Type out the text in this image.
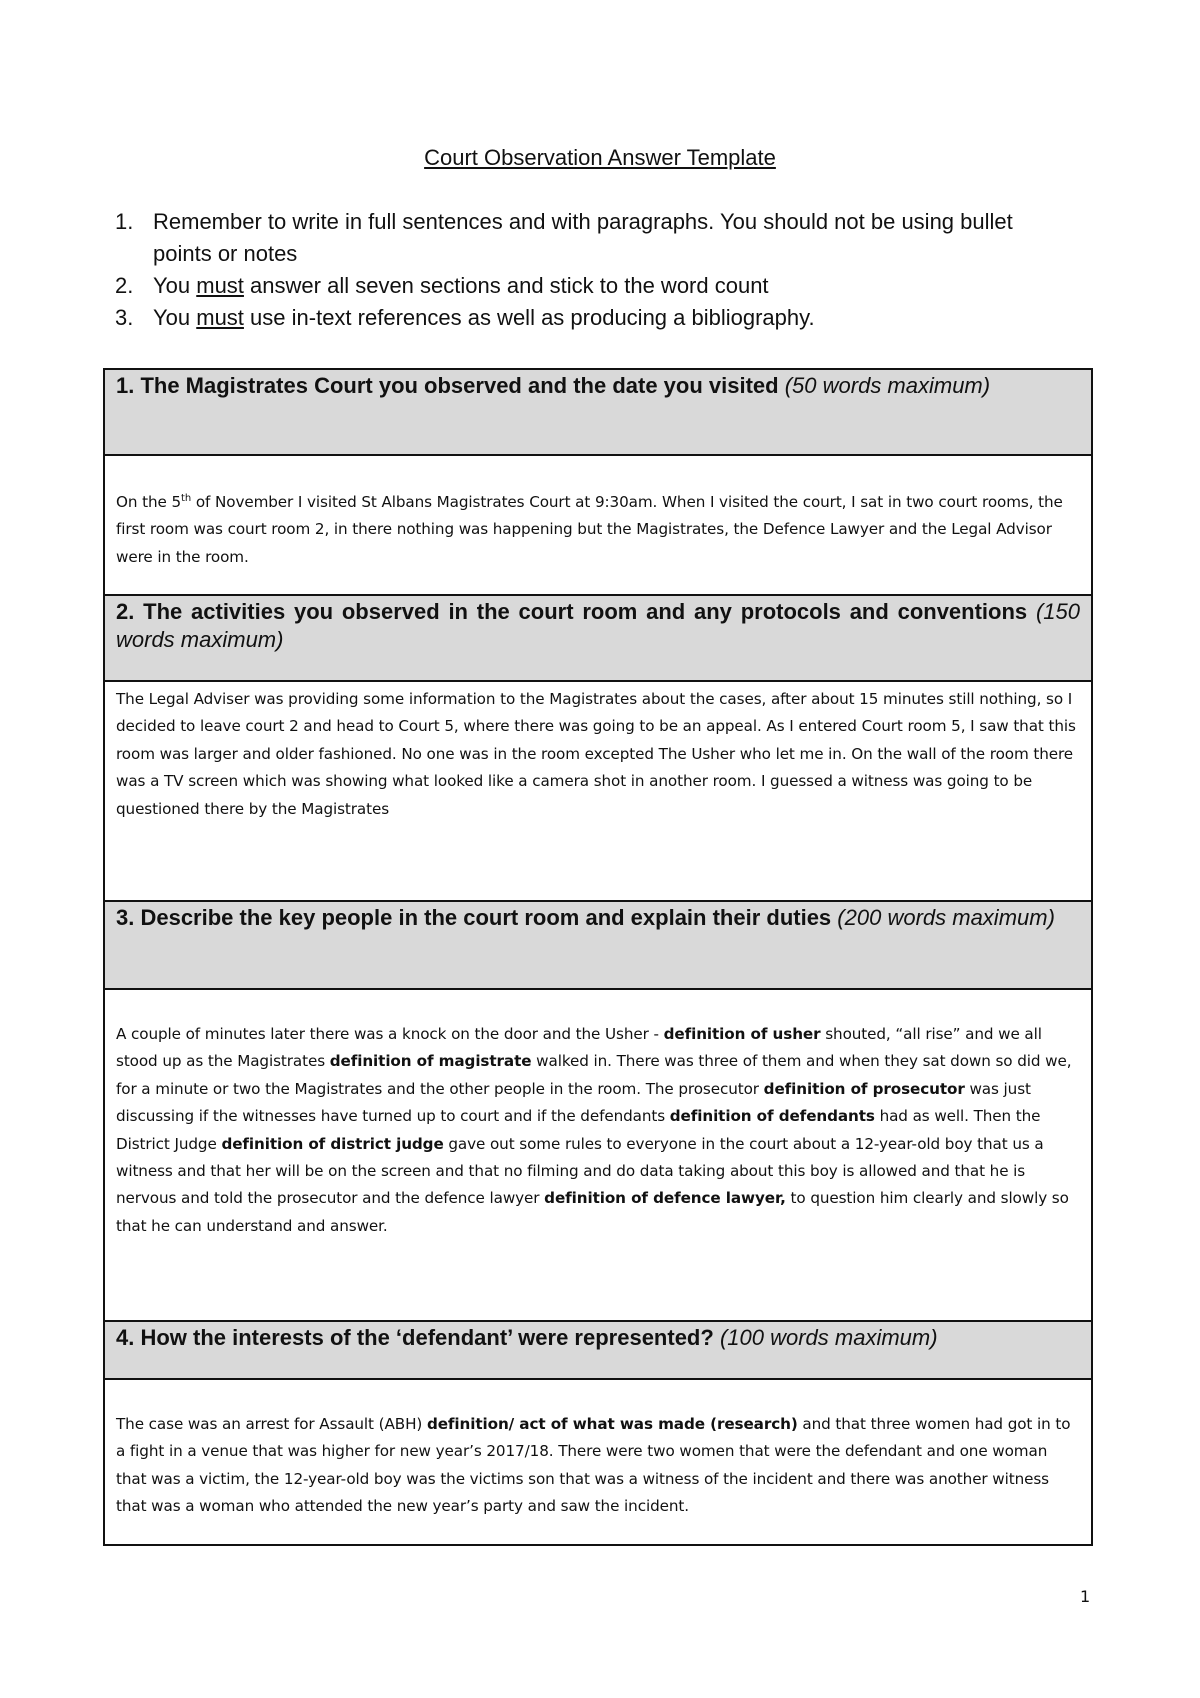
Court Observation Answer Template
1. Remember to write in full sentences and with paragraphs. You should not be using bullet points or notes
2. You must answer all seven sections and stick to the word count
3. You must use in-text references as well as producing a bibliography.
1. The Magistrates Court you observed and the date you visited (50 words maximum)
On the 5th of November I visited St Albans Magistrates Court at 9:30am. When I visited the court, I sat in two court rooms, the first room was court room 2, in there nothing was happening but the Magistrates, the Defence Lawyer and the Legal Advisor were in the room.
2. The activities you observed in the court room and any protocols and conventions (150 words maximum)
The Legal Adviser was providing some information to the Magistrates about the cases, after about 15 minutes still nothing, so I decided to leave court 2 and head to Court 5, where there was going to be an appeal. As I entered Court room 5, I saw that this room was larger and older fashioned. No one was in the room excepted The Usher who let me in. On the wall of the room there was a TV screen which was showing what looked like a camera shot in another room. I guessed a witness was going to be questioned there by the Magistrates
3. Describe the key people in the court room and explain their duties (200 words maximum)
A couple of minutes later there was a knock on the door and the Usher - definition of usher shouted, “all rise” and we all stood up as the Magistrates definition of magistrate walked in. There was three of them and when they sat down so did we, for a minute or two the Magistrates and the other people in the room. The prosecutor definition of prosecutor was just discussing if the witnesses have turned up to court and if the defendants definition of defendants had as well. Then the District Judge definition of district judge gave out some rules to everyone in the court about a 12-year-old boy that us a witness and that her will be on the screen and that no filming and do data taking about this boy is allowed and that he is nervous and told the prosecutor and the defence lawyer definition of defence lawyer, to question him clearly and slowly so that he can understand and answer.
4. How the interests of the ‘defendant’ were represented? (100 words maximum)
The case was an arrest for Assault (ABH) definition/ act of what was made (research) and that three women had got in to a fight in a venue that was higher for new year’s 2017/18. There were two women that were the defendant and one woman that was a victim, the 12-year-old boy was the victims son that was a witness of the incident and there was another witness that was a woman who attended the new year’s party and saw the incident.
1
